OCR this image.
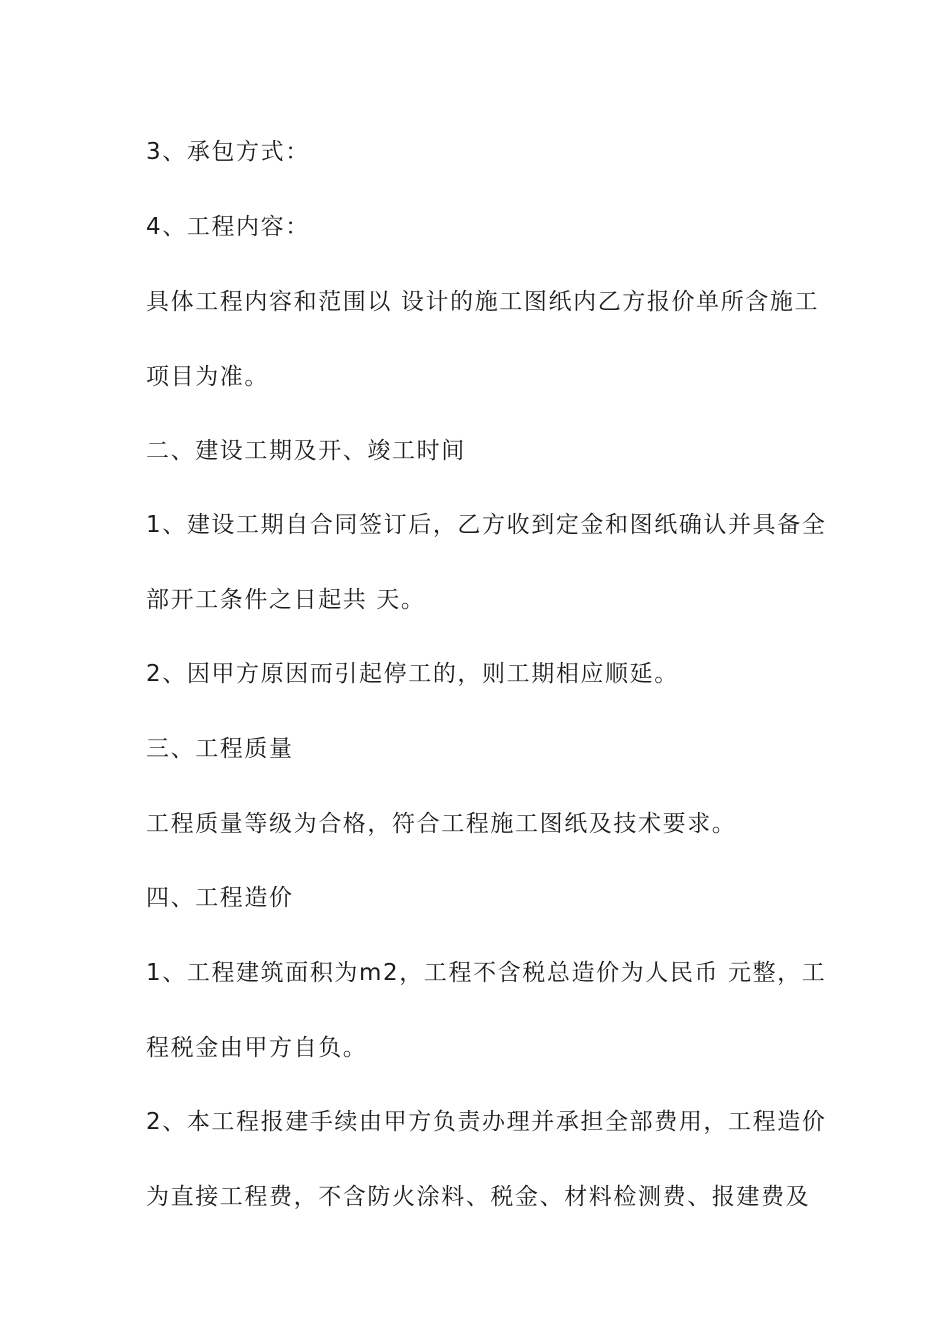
3、承包方式：
4、工程内容：
具体工程内容和范围以 设计的施工图纸内乙方报价单所含施工
项目为准。
二、建设工期及开、竣工时间
1、建设工期自合同签订后，乙方收到定金和图纸确认并具备全
部开工条件之日起共 天。
2、因甲方原因而引起停工的，则工期相应顺延。
三、工程质量
工程质量等级为合格，符合工程施工图纸及技术要求。
四、工程造价
1、工程建筑面积为m2，工程不含税总造价为人民币 元整，工
程税金由甲方自负。
2、本工程报建手续由甲方负责办理并承担全部费用，工程造价
为直接工程费，不含防火涂料、税金、材料检测费、报建费及
